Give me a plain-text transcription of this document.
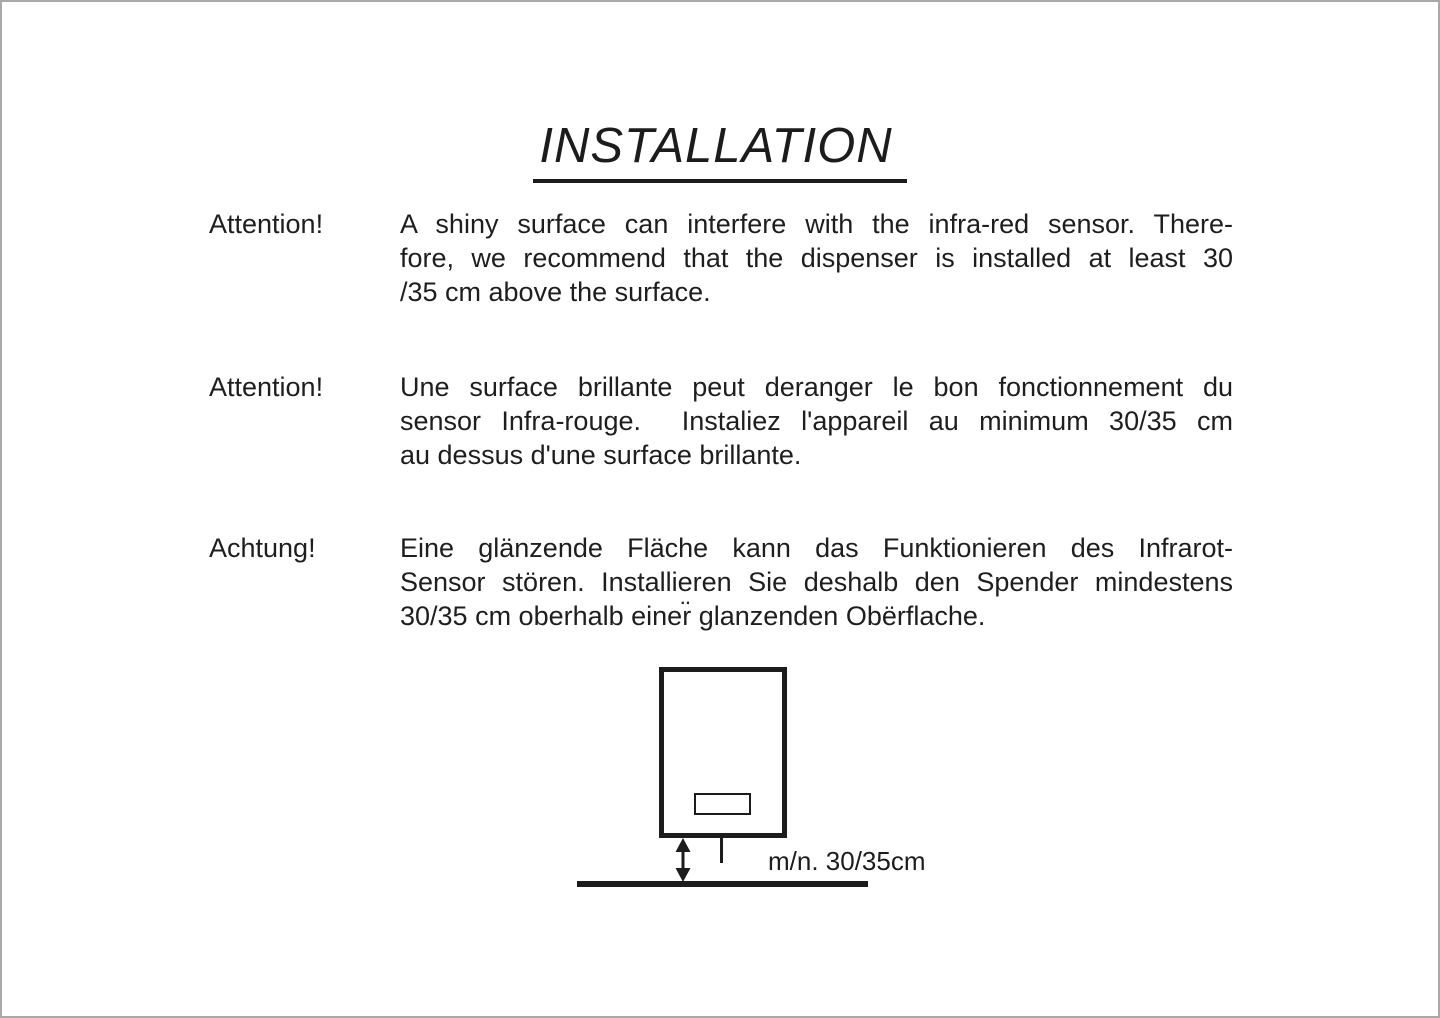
INSTALLATION
Attention!	A shiny surface can interfere with the infra-red sensor. There-
fore, we recommend that the dispenser is installed at least 30
/35 cm above the surface.
Attention!	Une surface brillante peut deranger le bon fonctionnement du
sensor Infra-rouge.  Instaliez l'appareil au minimum 30/35 cm
au dessus d'une surface brillante.
Achtung!	Eine glänzende Fläche kann das Funktionieren des Infrarot-
Sensor stören. Installieren Sie deshalb den Spender mindestens
30/35 cm oberhalb einer̈ glanzenden Obërflache.
m/n. 30/35cm
